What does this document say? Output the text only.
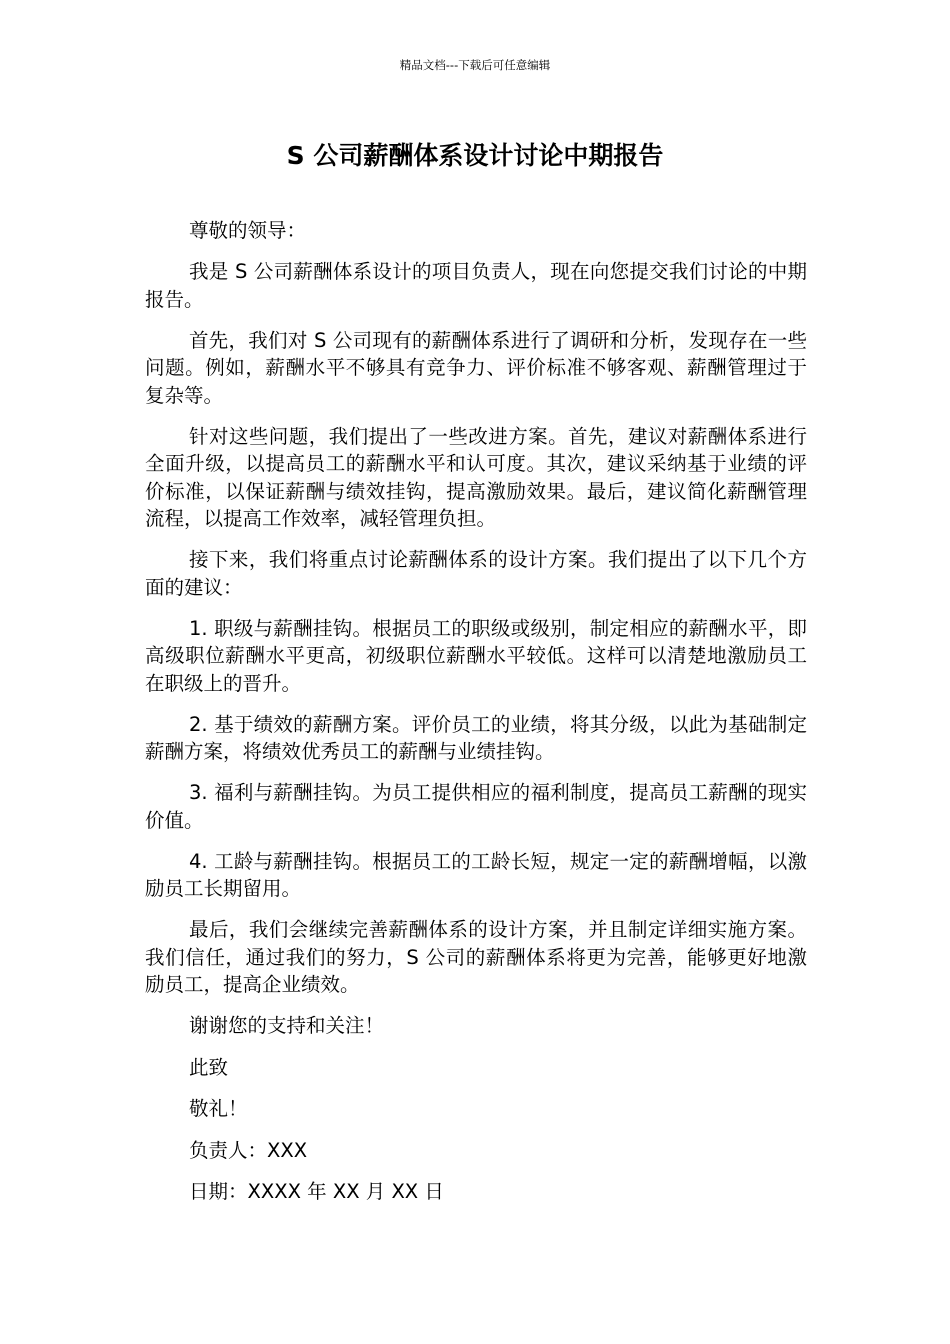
精品文档---下载后可任意编辑
S 公司薪酬体系设计讨论中期报告

尊敬的领导：

我是 S 公司薪酬体系设计的项目负责人，现在向您提交我们讨论的中期报告。

首先，我们对 S 公司现有的薪酬体系进行了调研和分析，发现存在一些问题。例如，薪酬水平不够具有竞争力、评价标准不够客观、薪酬管理过于复杂等。

针对这些问题，我们提出了一些改进方案。首先，建议对薪酬体系进行全面升级，以提高员工的薪酬水平和认可度。其次，建议采纳基于业绩的评价标准，以保证薪酬与绩效挂钩，提高激励效果。最后，建议简化薪酬管理流程，以提高工作效率，减轻管理负担。

接下来，我们将重点讨论薪酬体系的设计方案。我们提出了以下几个方面的建议：

1. 职级与薪酬挂钩。根据员工的职级或级别，制定相应的薪酬水平，即高级职位薪酬水平更高，初级职位薪酬水平较低。这样可以清楚地激励员工在职级上的晋升。

2. 基于绩效的薪酬方案。评价员工的业绩，将其分级，以此为基础制定薪酬方案，将绩效优秀员工的薪酬与业绩挂钩。

3. 福利与薪酬挂钩。为员工提供相应的福利制度，提高员工薪酬的现实价值。

4. 工龄与薪酬挂钩。根据员工的工龄长短，规定一定的薪酬增幅，以激励员工长期留用。

最后，我们会继续完善薪酬体系的设计方案，并且制定详细实施方案。我们信任，通过我们的努力，S 公司的薪酬体系将更为完善，能够更好地激励员工，提高企业绩效。

谢谢您的支持和关注！

此致

敬礼！

负责人：XXX

日期：XXXX 年 XX 月 XX 日
